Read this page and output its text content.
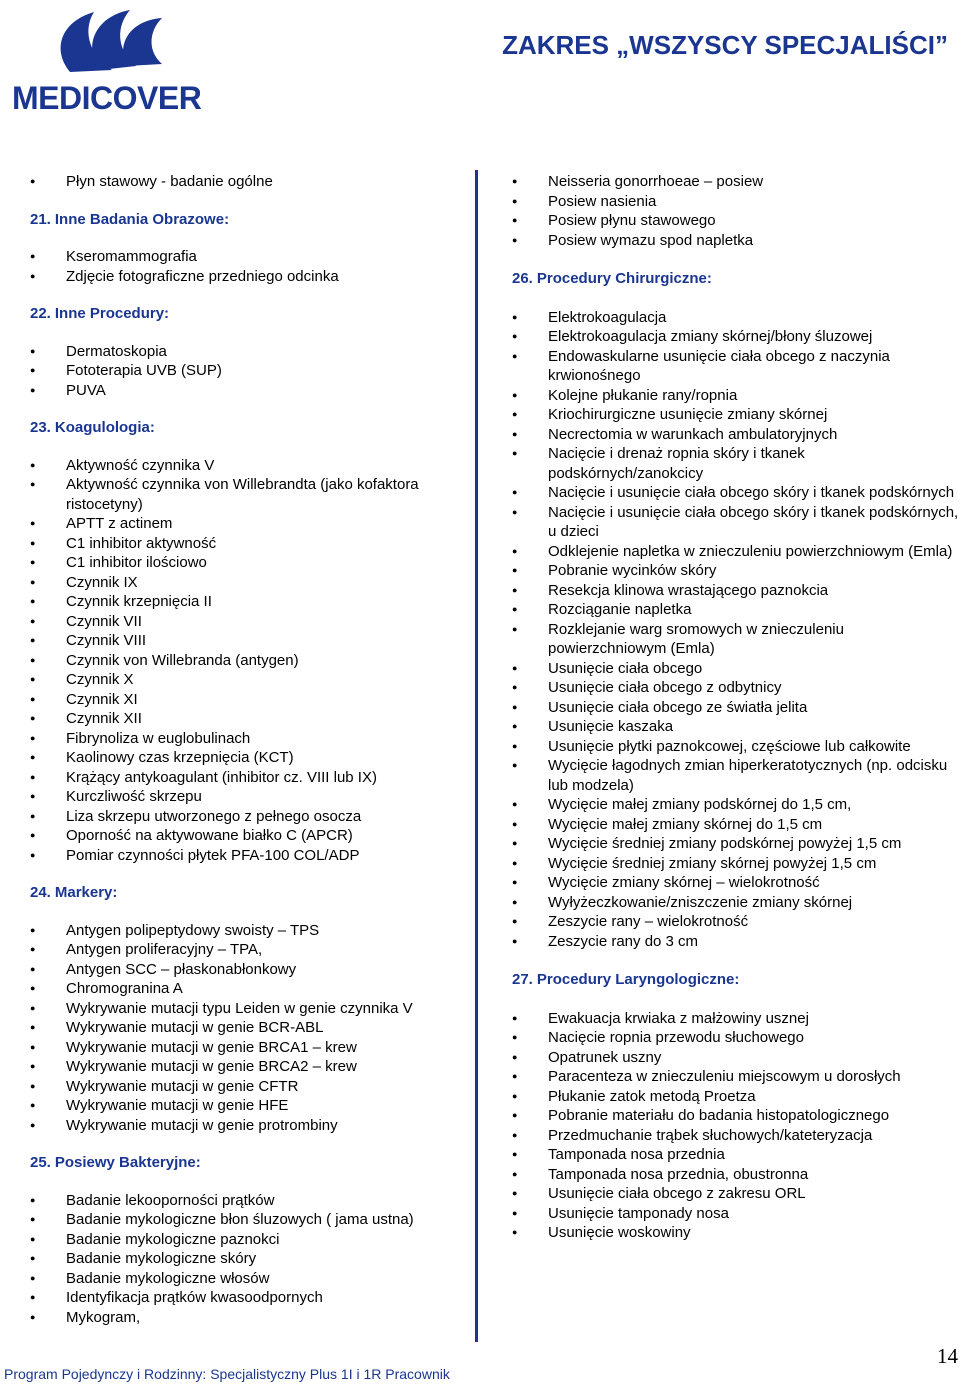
MEDICOVER
ZAKRES „WSZYSCY SPECJALIŚCI”
● Płyn stawowy - badanie ogólne
21. Inne Badania Obrazowe:
● Kseromammografia
● Zdjęcie fotograficzne przedniego odcinka
22. Inne Procedury:
● Dermatoskopia
● Fototerapia UVB (SUP)
● PUVA
23. Koagulologia:
● Aktywność czynnika V
● Aktywność czynnika von Willebrandta (jako kofaktora ristocetyny)
● APTT z actinem
● C1 inhibitor aktywność
● C1 inhibitor ilościowo
● Czynnik IX
● Czynnik krzepnięcia II
● Czynnik VII
● Czynnik VIII
● Czynnik von Willebranda (antygen)
● Czynnik X
● Czynnik XI
● Czynnik XII
● Fibrynoliza w euglobulinach
● Kaolinowy czas krzepnięcia (KCT)
● Krążący antykoagulant (inhibitor cz. VIII lub IX)
● Kurczliwość skrzepu
● Liza skrzepu utworzonego z pełnego osocza
● Oporność na aktywowane białko C (APCR)
● Pomiar czynności płytek PFA-100 COL/ADP
24. Markery:
● Antygen polipeptydowy swoisty – TPS
● Antygen proliferacyjny – TPA,
● Antygen SCC – płaskonabłonkowy
● Chromogranina A
● Wykrywanie mutacji typu Leiden w genie czynnika V
● Wykrywanie mutacji w genie BCR-ABL
● Wykrywanie mutacji w genie BRCA1 – krew
● Wykrywanie mutacji w genie BRCA2 – krew
● Wykrywanie mutacji w genie CFTR
● Wykrywanie mutacji w genie HFE
● Wykrywanie mutacji w genie protrombiny
25. Posiewy Bakteryjne:
● Badanie lekooporności prątków
● Badanie mykologiczne błon śluzowych ( jama ustna)
● Badanie mykologiczne paznokci
● Badanie mykologiczne skóry
● Badanie mykologiczne włosów
● Identyfikacja prątków kwasoodpornych
● Mykogram,
● Neisseria gonorrhoeae – posiew
● Posiew nasienia
● Posiew płynu stawowego
● Posiew wymazu spod napletka
26. Procedury Chirurgiczne:
● Elektrokoagulacja
● Elektrokoagulacja zmiany skórnej/błony śluzowej
● Endowaskularne usunięcie ciała obcego z naczynia krwionośnego
● Kolejne płukanie rany/ropnia
● Kriochirurgiczne usunięcie zmiany skórnej
● Necrectomia w warunkach ambulatoryjnych
● Nacięcie i drenaż ropnia skóry i tkanek podskórnych/zanokcicy
● Nacięcie i usunięcie ciała obcego skóry i tkanek podskórnych
● Nacięcie i usunięcie ciała obcego skóry i tkanek podskórnych, u dzieci
● Odklejenie napletka w znieczuleniu powierzchniowym (Emla)
● Pobranie wycinków skóry
● Resekcja klinowa wrastającego paznokcia
● Rozciąganie napletka
● Rozklejanie warg sromowych w znieczuleniu powierzchniowym (Emla)
● Usunięcie ciała obcego
● Usunięcie ciała obcego z odbytnicy
● Usunięcie ciała obcego ze światła jelita
● Usunięcie kaszaka
● Usunięcie płytki paznokcowej, częściowe lub całkowite
● Wycięcie łagodnych zmian hiperkeratotycznych (np. odcisku lub modzela)
● Wycięcie małej zmiany podskórnej do 1,5 cm,
● Wycięcie małej zmiany skórnej do 1,5 cm
● Wycięcie średniej zmiany podskórnej powyżej 1,5 cm
● Wycięcie średniej zmiany skórnej powyżej 1,5 cm
● Wycięcie zmiany skórnej – wielokrotność
● Wyłyżeczkowanie/zniszczenie zmiany skórnej
● Zeszycie rany – wielokrotność
● Zeszycie rany do 3 cm
27. Procedury Laryngologiczne:
● Ewakuacja krwiaka z małżowiny usznej
● Nacięcie ropnia przewodu słuchowego
● Opatrunek uszny
● Paracenteza w znieczuleniu miejscowym u dorosłych
● Płukanie zatok metodą Proetza
● Pobranie materiału do badania histopatologicznego
● Przedmuchanie trąbek słuchowych/kateteryzacja
● Tamponada nosa przednia
● Tamponada nosa przednia, obustronna
● Usunięcie ciała obcego z zakresu ORL
● Usunięcie tamponady nosa
● Usunięcie woskowiny
Program Pojedynczy i Rodzinny: Specjalistyczny Plus 1I i 1R Pracownik
14
